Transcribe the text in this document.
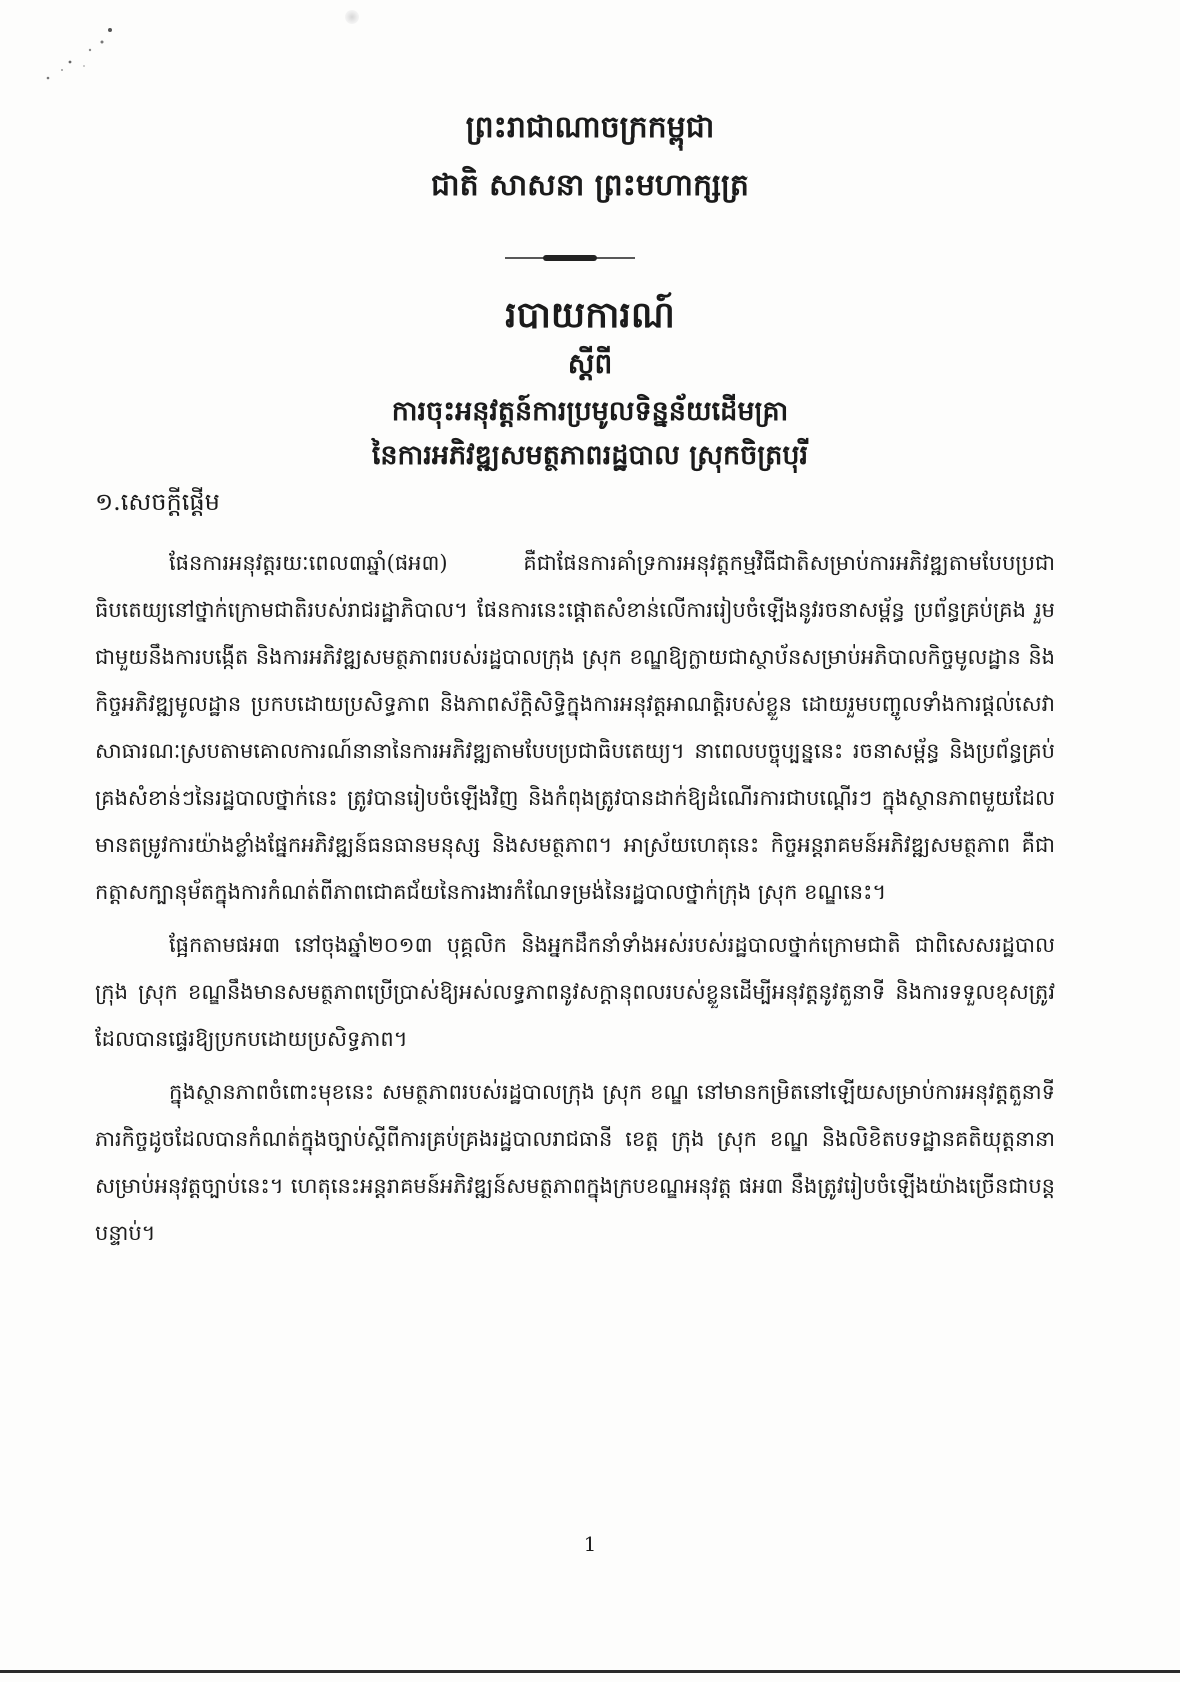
ព្រះរាជាណាចក្រកម្ពុជា

ជាតិ សាសនា ព្រះមហាក្សត្រ

របាយការណ៍

ស្ដីពី

ការចុះអនុវត្តន៍ការប្រមូលទិន្នន័យដើមគ្រា

នៃការអភិវឌ្ឍសមត្ថភាពរដ្ឋបាល ស្រុកចិត្របុរី

១.សេចក្ដីផ្ដើម

ផែនការអនុវត្តរយៈពេល៣ឆ្នាំ(ផអ៣) គឺជាផែនការគាំទ្រការអនុវត្តកម្មវិធីជាតិសម្រាប់ការអភិវឌ្ឍតាមបែបប្រជាធិបតេយ្យនៅថ្នាក់ក្រោមជាតិរបស់រាជរដ្ឋាភិបាល។ ផែនការនេះផ្ដោតសំខាន់លើការរៀបចំឡើងនូវរចនាសម្ព័ន្ធ ប្រព័ន្ធគ្រប់គ្រង រួមជាមួយនឹងការបង្កើត និងការអភិវឌ្ឍសមត្ថភាពរបស់រដ្ឋបាលក្រុង ស្រុក ខណ្ឌឱ្យក្លាយជាស្ថាប័នសម្រាប់អភិបាលកិច្ចមូលដ្ឋាន និងកិច្ចអភិវឌ្ឍមូលដ្ឋាន ប្រកបដោយប្រសិទ្ធភាព និងភាពស័ក្ដិសិទ្ធិក្នុងការអនុវត្តអាណត្តិរបស់ខ្លួន ដោយរួមបញ្ចូលទាំងការផ្ដល់សេវាសាធារណៈស្របតាមគោលការណ៍នានានៃការអភិវឌ្ឍតាមបែបប្រជាធិបតេយ្យ។ នាពេលបច្ចុប្បន្ននេះ រចនាសម្ព័ន្ធ និងប្រព័ន្ធគ្រប់គ្រងសំខាន់ៗនៃរដ្ឋបាលថ្នាក់នេះ ត្រូវបានរៀបចំឡើងវិញ និងកំពុងត្រូវបានដាក់ឱ្យដំណើរការជាបណ្ដើរៗ ក្នុងស្ថានភាពមួយដែលមានតម្រូវការយ៉ាងខ្លាំងផ្នែកអភិវឌ្ឍន៍ធនធានមនុស្ស និងសមត្ថភាព។ អាស្រ័យហេតុនេះ កិច្ចអន្តរាគមន៍អភិវឌ្ឍសមត្ថភាព គឺជាកត្តាសក្បានុម័តក្នុងការកំណត់ពីភាពជោគជ័យនៃការងារកំណែទម្រង់នៃរដ្ឋបាលថ្នាក់ក្រុង ស្រុក ខណ្ឌនេះ។

ផ្អែកតាមផអ៣ នៅចុងឆ្នាំ២០១៣ បុគ្គលិក និងអ្នកដឹកនាំទាំងអស់របស់រដ្ឋបាលថ្នាក់ក្រោមជាតិ ជាពិសេសរដ្ឋបាលក្រុង ស្រុក ខណ្ឌនឹងមានសមត្ថភាពប្រើប្រាស់ឱ្យអស់លទ្ធភាពនូវសក្ដានុពលរបស់ខ្លួនដើម្បីអនុវត្តនូវតួនាទី និងការទទួលខុសត្រូវដែលបានផ្ទេរឱ្យប្រកបដោយប្រសិទ្ធភាព។

ក្នុងស្ថានភាពចំពោះមុខនេះ សមត្ថភាពរបស់រដ្ឋបាលក្រុង ស្រុក ខណ្ឌ នៅមានកម្រិតនៅឡើយសម្រាប់ការអនុវត្តតួនាទី ភារកិច្ចដូចដែលបានកំណត់ក្នុងច្បាប់ស្ដីពីការគ្រប់គ្រងរដ្ឋបាលរាជធានី ខេត្ត ក្រុង ស្រុក ខណ្ឌ និងលិខិតបទដ្ឋានគតិយុត្តនានាសម្រាប់អនុវត្តច្បាប់នេះ។ ហេតុនេះអន្តរាគមន៍អភិវឌ្ឍន៍សមត្ថភាពក្នុងក្របខណ្ឌអនុវត្ត ផអ៣ នឹងត្រូវរៀបចំឡើងយ៉ាងច្រើនជាបន្តបន្ទាប់។

1
